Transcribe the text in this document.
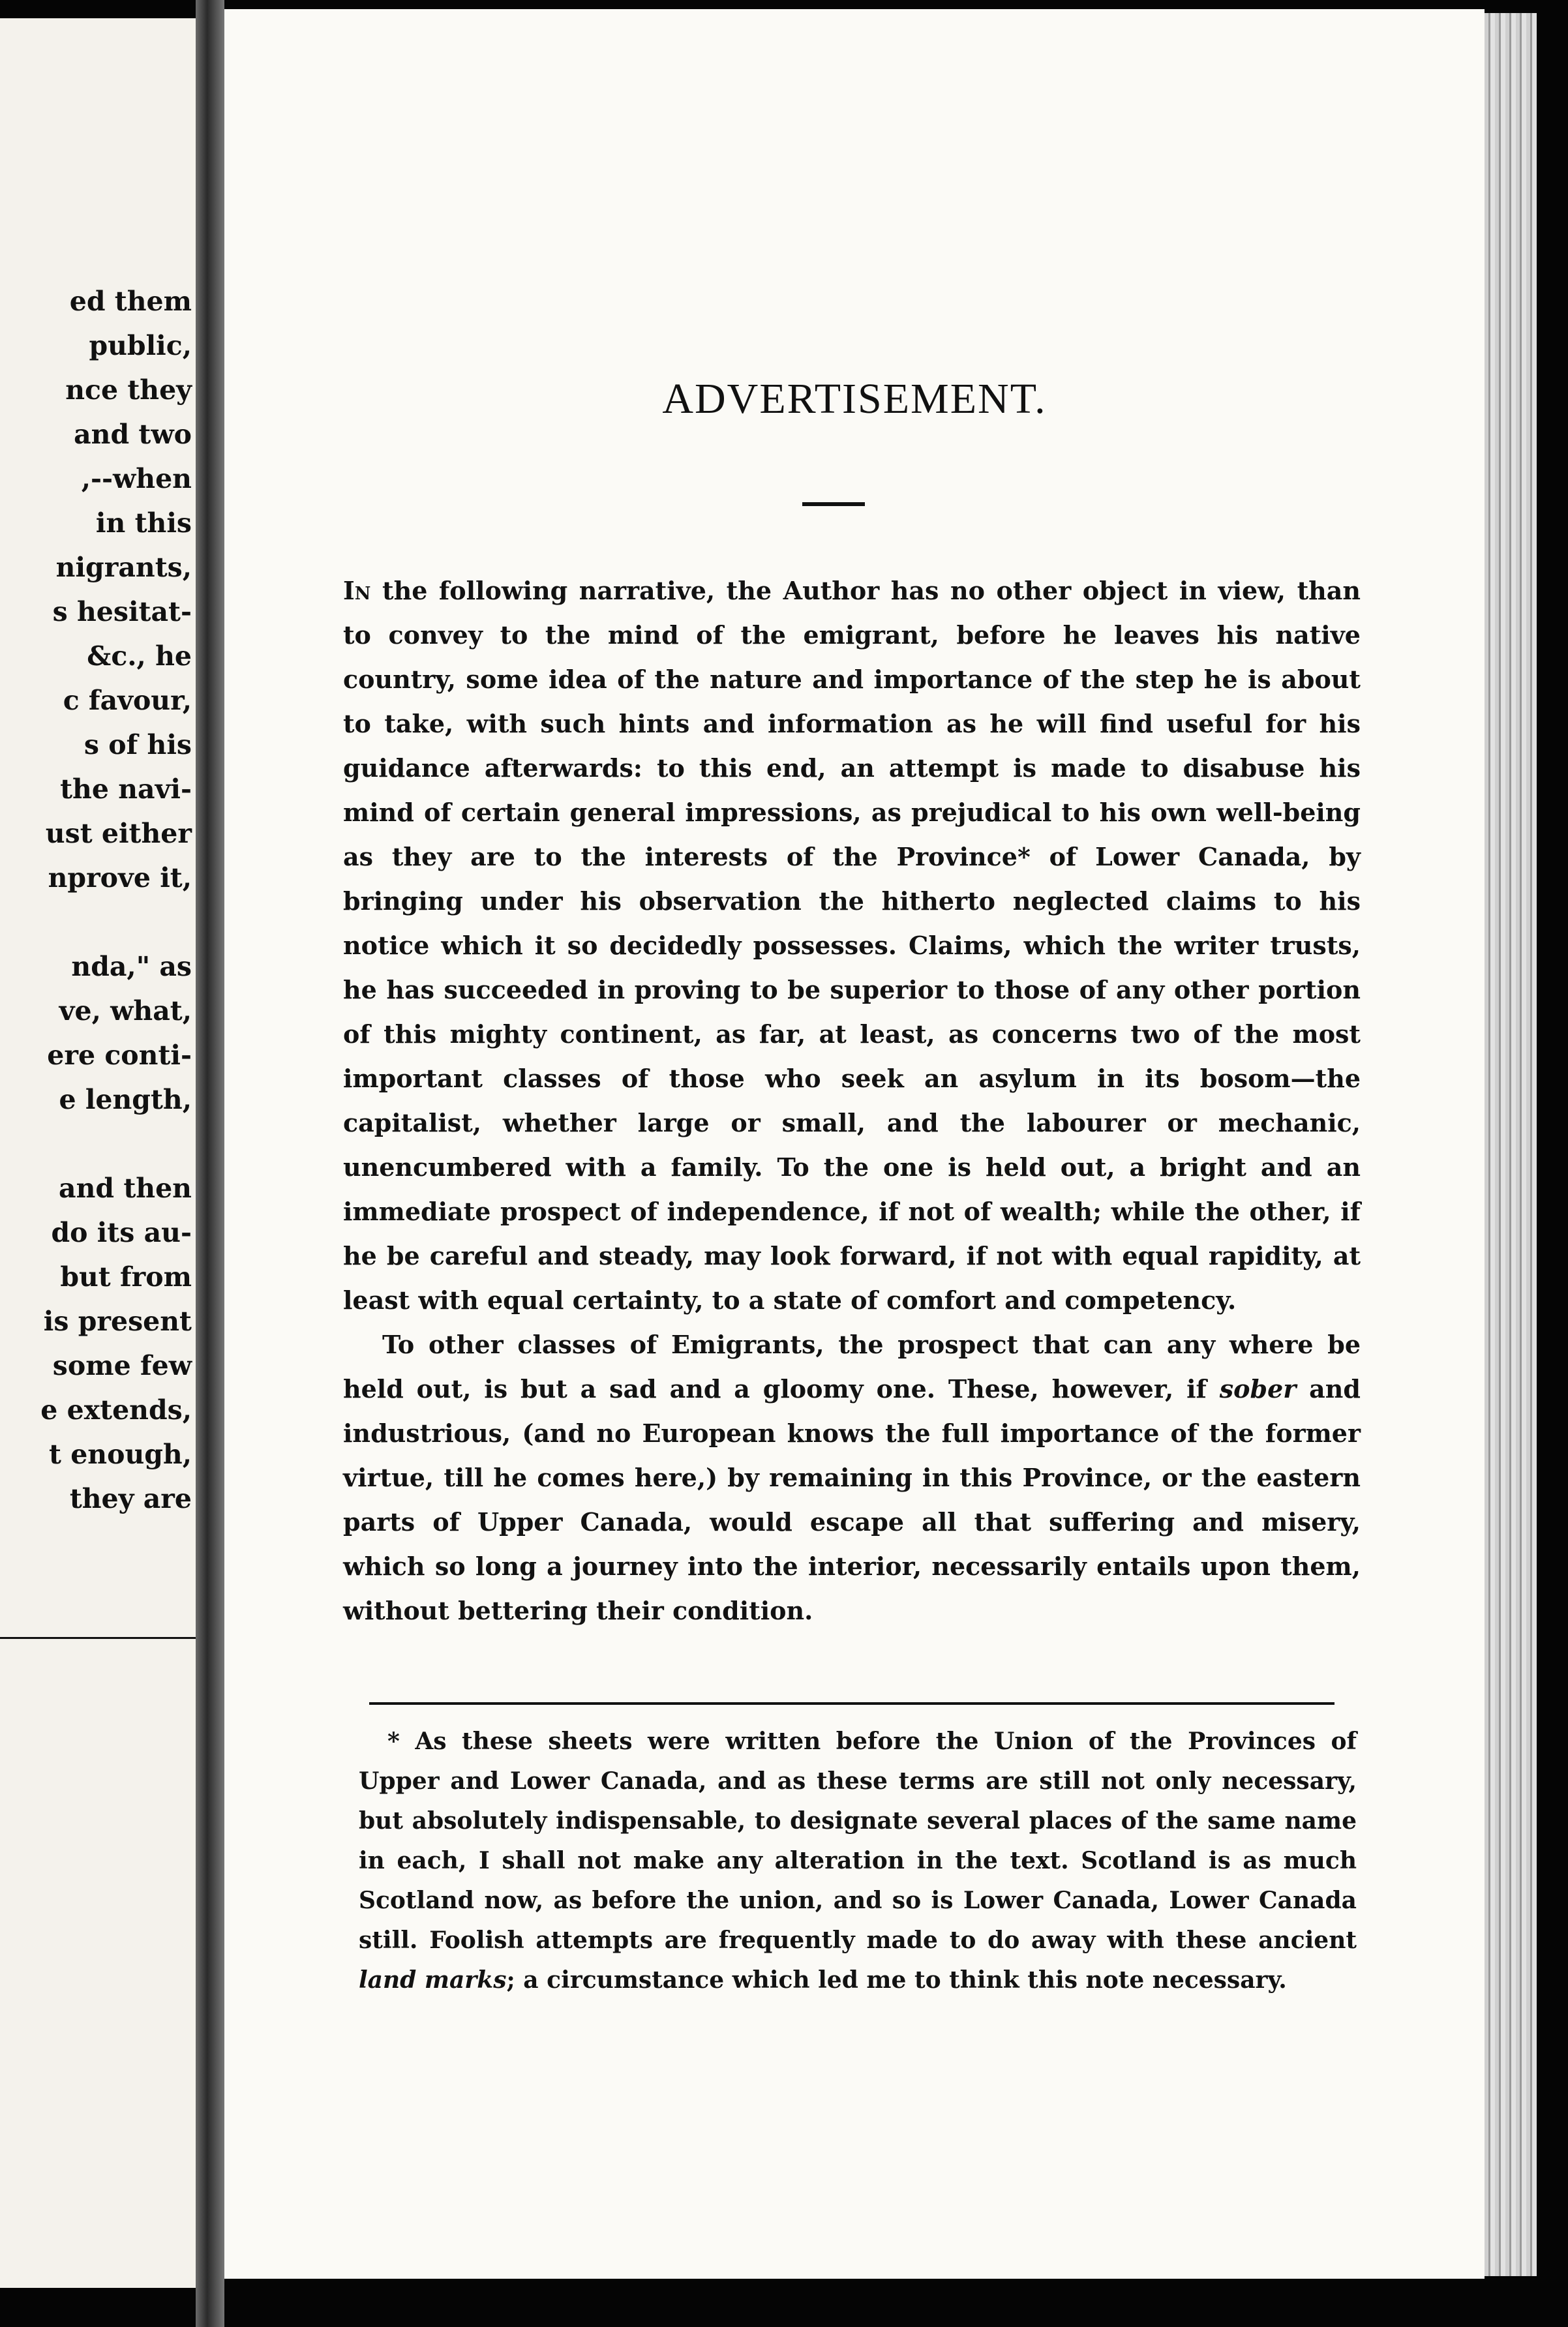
ed them
public,
nce they
and two
,--when
in this
nigrants,
s hesitat-
&c., he
c favour,
s of his
the navi-
ust either
nprove it,
nda," as
ve, what,
ere conti-
e length,
and then
do its au-
but from
is present
some few
e extends,
t enough,
they are
ADVERTISEMENT.

In the following narrative, the Author has no other object in view, than to convey to the mind of the emigrant, before he leaves his native country, some idea of the nature and importance of the step he is about to take, with such hints and information as he will find useful for his guidance afterwards: to this end, an attempt is made to disabuse his mind of certain general impressions, as prejudical to his own well-being as they are to the interests of the Province* of Lower Canada, by bringing under his observation the hitherto neglected claims to his notice which it so decidedly possesses. Claims, which the writer trusts, he has succeeded in proving to be superior to those of any other portion of this mighty continent, as far, at least, as concerns two of the most important classes of those who seek an asylum in its bosom—the capitalist, whether large or small, and the labourer or mechanic, unencumbered with a family. To the one is held out, a bright and an immediate prospect of independence, if not of wealth; while the other, if he be careful and steady, may look forward, if not with equal rapidity, at least with equal certainty, to a state of comfort and competency.

To other classes of Emigrants, the prospect that can any where be held out, is but a sad and a gloomy one. These, however, if sober and industrious, (and no European knows the full importance of the former virtue, till he comes here,) by remaining in this Province, or the eastern parts of Upper Canada, would escape all that suffering and misery, which so long a journey into the interior, necessarily entails upon them, without bettering their condition.

* As these sheets were written before the Union of the Provinces of Upper and Lower Canada, and as these terms are still not only necessary, but absolutely indispensable, to designate several places of the same name in each, I shall not make any alteration in the text. Scotland is as much Scotland now, as before the union, and so is Lower Canada, Lower Canada still. Foolish attempts are frequently made to do away with these ancient land marks; a circumstance which led me to think this note necessary.
